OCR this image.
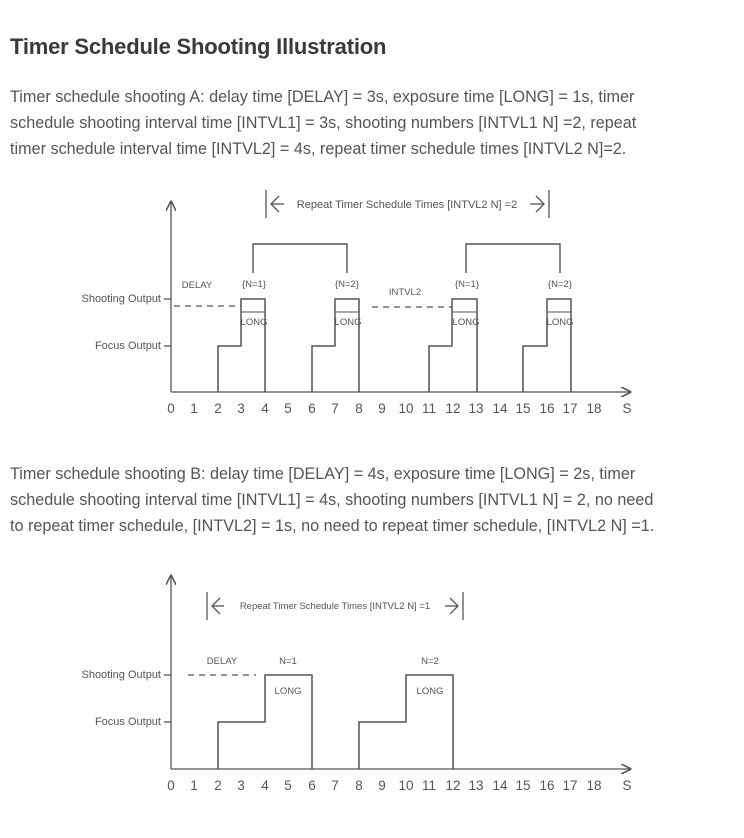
Timer Schedule Shooting Illustration
Timer schedule shooting A: delay time [DELAY] = 3s, exposure time [LONG] = 1s, timer
schedule shooting interval time [INTVL1] = 3s, shooting numbers [INTVL1 N] =2, repeat
timer schedule interval time [INTVL2] = 4s, repeat timer schedule times [INTVL2 N]=2.
Shooting Output
Focus Output
Repeat Timer Schedule Times [INTVL2 N] =2
DELAY
INTVL2
{N=1}	{N=2}	{N=1}	{N=2}
LONG	LONG	LONG	LONG
0 1 2 3 4 5 6 7 8 9 10 11 12 13 14 15 16 17 18 S
Timer schedule shooting B: delay time [DELAY] = 4s, exposure time [LONG] = 2s, timer
schedule shooting interval time [INTVL1] = 4s, shooting numbers [INTVL1 N] = 2, no need
to repeat timer schedule, [INTVL2] = 1s, no need to repeat timer schedule, [INTVL2 N] =1.
Shooting Output
Focus Output
Repeat Timer Schedule Times [INTVL2 N] =1
DELAY	N=1	N=2
LONG	LONG
0 1 2 3 4 5 6 7 8 9 10 11 12 13 14 15 16 17 18 S
